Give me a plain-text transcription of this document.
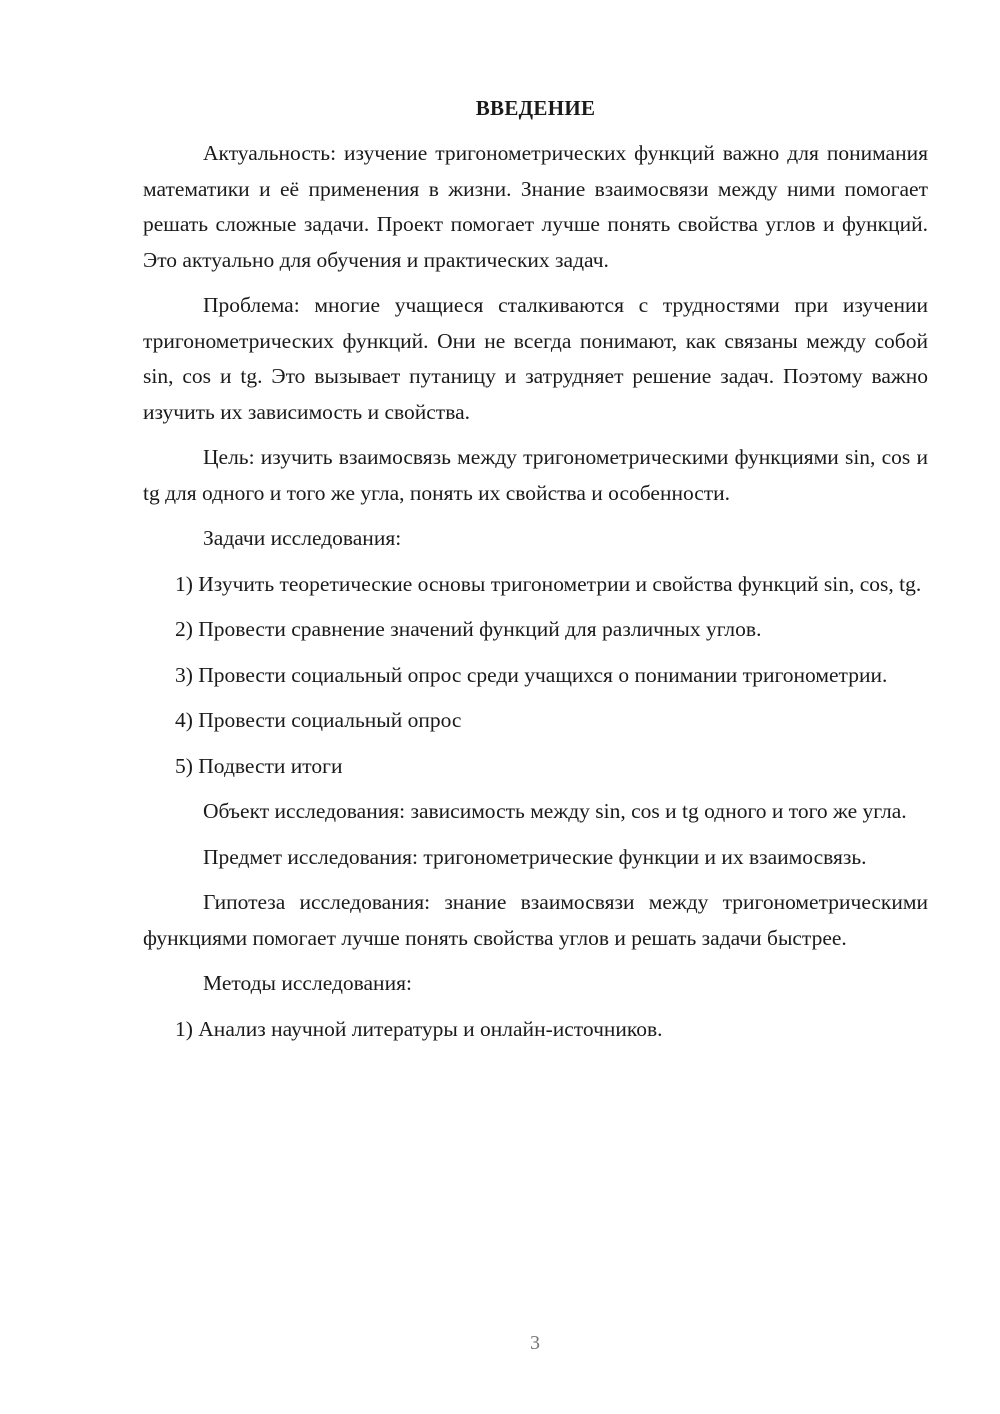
ВВЕДЕНИЕ

Актуальность: изучение тригонометрических функций важно для понимания математики и её применения в жизни. Знание взаимосвязи между ними помогает решать сложные задачи. Проект помогает лучше понять свойства углов и функций. Это актуально для обучения и практических задач.

Проблема: многие учащиеся сталкиваются с трудностями при изучении тригонометрических функций. Они не всегда понимают, как связаны между собой sin, cos и tg. Это вызывает путаницу и затрудняет решение задач. Поэтому важно изучить их зависимость и свойства.

Цель: изучить взаимосвязь между тригонометрическими функциями sin, cos и tg для одного и того же угла, понять их свойства и особенности.

Задачи исследования:

1) Изучить теоретические основы тригонометрии и свойства функций sin, cos, tg.

2) Провести сравнение значений функций для различных углов.

3) Провести социальный опрос среди учащихся о понимании тригонометрии.

4) Провести социальный опрос

5) Подвести итоги

Объект исследования: зависимость между sin, cos и tg одного и того же угла.

Предмет исследования: тригонометрические функции и их взаимосвязь.

Гипотеза исследования: знание взаимосвязи между тригонометрическими функциями помогает лучше понять свойства углов и решать задачи быстрее.

Методы исследования:

1) Анализ научной литературы и онлайн-источников.

3
